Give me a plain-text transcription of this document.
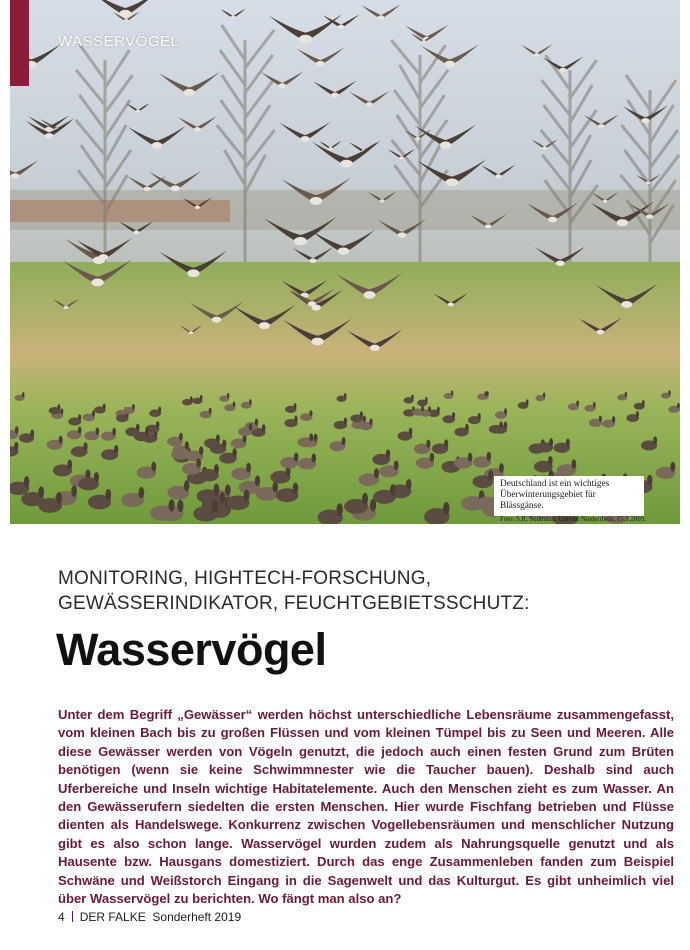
WASSERVÖGEL
Deutschland ist ein wichtiges Überwinterungsgebiet für Blässgänse.
Foto: S.R. Sudmann. Unterer Niederrhein, 15.1.2009.
MONITORING, HIGHTECH-FORSCHUNG,
GEWÄSSERINDIKATOR, FEUCHTGEBIETSSCHUTZ:
Wasservögel
Unter dem Begriff „Gewässer“ werden höchst unterschiedliche Lebensräume zusammengefasst, vom kleinen Bach bis zu großen Flüssen und vom kleinen Tümpel bis zu Seen und Meeren. Alle diese Gewässer werden von Vögeln genutzt, die jedoch auch einen festen Grund zum Brüten benötigen (wenn sie keine Schwimmnester wie die Taucher bauen). Deshalb sind auch Uferbereiche und Inseln wichtige Habitatelemente. Auch den Menschen zieht es zum Wasser. An den Gewässerufern siedelten die ersten Menschen. Hier wurde Fischfang betrieben und Flüsse dienten als Handelswege. Konkurrenz zwischen Vogellebensräumen und menschlicher Nutzung gibt es also schon lange. Wasservögel wurden zudem als Nahrungsquelle genutzt und als Hausente bzw. Hausgans domestiziert. Durch das enge Zusammenleben fanden zum Beispiel Schwäne und Weißstorch Eingang in die Sagenwelt und das Kulturgut. Es gibt unheimlich viel über Wasservögel zu berichten. Wo fängt man also an?
4 DER FALKE Sonderheft 2019
